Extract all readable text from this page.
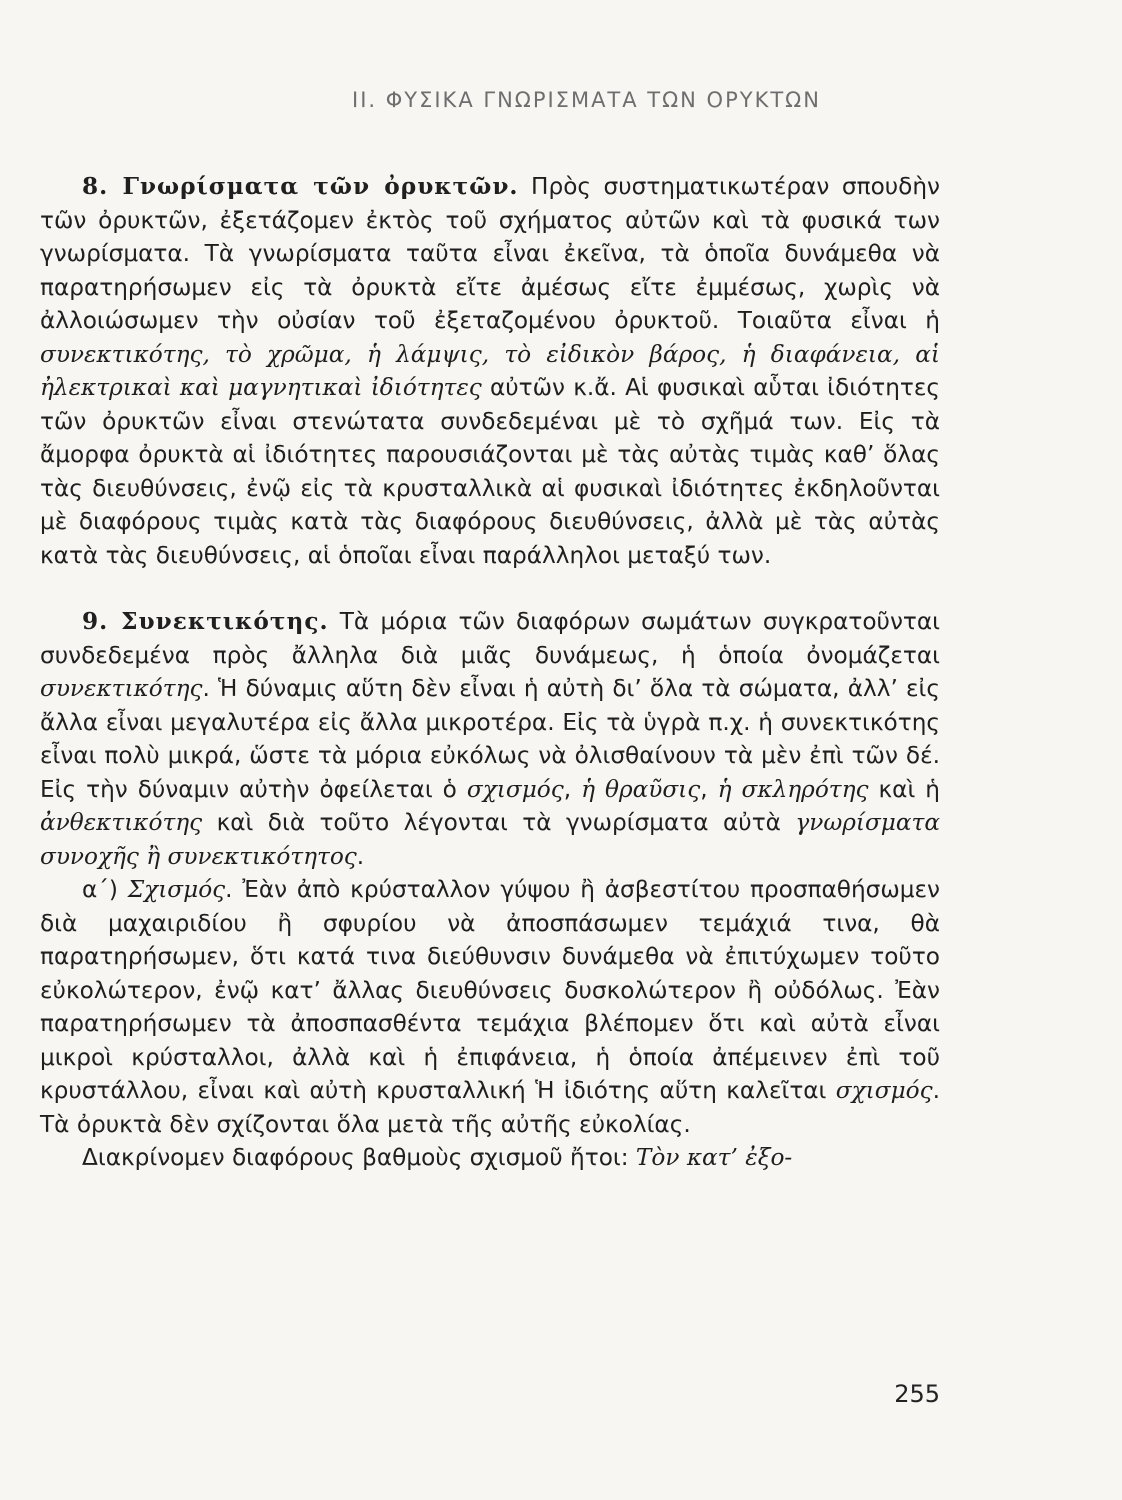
ΙΙ. ΦΥΣΙΚΑ ΓΝΩΡΙΣΜΑΤΑ ΤΩΝ ΟΡΥΚΤΩΝ

8. Γνωρίσματα τῶν ὀρυκτῶν. Πρὸς συστηματικωτέραν σπουδὴν τῶν ὀρυκτῶν, ἐξετάζομεν ἐκτὸς τοῦ σχήματος αὐτῶν καὶ τὰ φυσικά των γνωρίσματα. Τὰ γνωρίσματα ταῦτα εἶναι ἐκεῖνα, τὰ ὁποῖα δυνάμεθα νὰ παρατηρήσωμεν εἰς τὰ ὀρυκτὰ εἴτε ἀμέσως εἴτε ἐμμέσως, χωρὶς νὰ ἀλλοιώσωμεν τὴν οὐσίαν τοῦ ἐξεταζομένου ὀρυκτοῦ. Τοιαῦτα εἶναι ἡ συνεκτικότης, τὸ χρῶμα, ἡ λάμψις, τὸ εἰδικὸν βάρος, ἡ διαφάνεια, αἱ ἠλεκτρικαὶ καὶ μαγνητικαὶ ἰδιότητες αὐτῶν κ.ἄ. Αἱ φυσικαὶ αὗται ἰδιότητες τῶν ὀρυκτῶν εἶναι στενώτατα συνδεδεμέναι μὲ τὸ σχῆμά των. Εἰς τὰ ἄμορφα ὀρυκτὰ αἱ ἰδιότητες παρουσιάζονται μὲ τὰς αὐτὰς τιμὰς καθ’ ὅλας τὰς διευθύνσεις, ἐνῷ εἰς τὰ κρυσταλλικὰ αἱ φυσικαὶ ἰδιότητες ἐκδηλοῦνται μὲ διαφόρους τιμὰς κατὰ τὰς διαφόρους διευθύνσεις, ἀλλὰ μὲ τὰς αὐτὰς κατὰ τὰς διευθύνσεις, αἱ ὁποῖαι εἶναι παράλληλοι μεταξύ των.

9. Συνεκτικότης. Τὰ μόρια τῶν διαφόρων σωμάτων συγκρατοῦνται συνδεδεμένα πρὸς ἄλληλα διὰ μιᾶς δυνάμεως, ἡ ὁποία ὀνομάζεται συνεκτικότης. Ἡ δύναμις αὕτη δὲν εἶναι ἡ αὐτὴ δι’ ὅλα τὰ σώματα, ἀλλ’ εἰς ἄλλα εἶναι μεγαλυτέρα εἰς ἄλλα μικροτέρα. Εἰς τὰ ὑγρὰ π.χ. ἡ συνεκτικότης εἶναι πολὺ μικρά, ὥστε τὰ μόρια εὐκόλως νὰ ὀλισθαίνουν τὰ μὲν ἐπὶ τῶν δέ. Εἰς τὴν δύναμιν αὐτὴν ὀφείλεται ὁ σχισμός, ἡ θραῦσις, ἡ σκληρότης καὶ ἡ ἀνθεκτικότης καὶ διὰ τοῦτο λέγονται τὰ γνωρίσματα αὐτὰ γνωρίσματα συνοχῆς ἢ συνεκτικότητος.

α΄) Σχισμός. Ἐὰν ἀπὸ κρύσταλλον γύψου ἢ ἀσβεστίτου προσπαθήσωμεν διὰ μαχαιριδίου ἢ σφυρίου νὰ ἀποσπάσωμεν τεμάχιά τινα, θὰ παρατηρήσωμεν, ὅτι κατά τινα διεύθυνσιν δυνάμεθα νὰ ἐπιτύχωμεν τοῦτο εὐκολώτερον, ἐνῷ κατ’ ἄλλας διευθύνσεις δυσκολώτερον ἢ οὐδόλως. Ἐὰν παρατηρήσωμεν τὰ ἀποσπασθέντα τεμάχια βλέπομεν ὅτι καὶ αὐτὰ εἶναι μικροὶ κρύσταλλοι, ἀλλὰ καὶ ἡ ἐπιφάνεια, ἡ ὁποία ἀπέμεινεν ἐπὶ τοῦ κρυστάλλου, εἶναι καὶ αὐτὴ κρυσταλλική Ἡ ἰδιότης αὕτη καλεῖται σχισμός. Τὰ ὀρυκτὰ δὲν σχίζονται ὅλα μετὰ τῆς αὐτῆς εὐκολίας.

Διακρίνομεν διαφόρους βαθμοὺς σχισμοῦ ἤτοι: Τὸν κατ’ ἐξο-

255
